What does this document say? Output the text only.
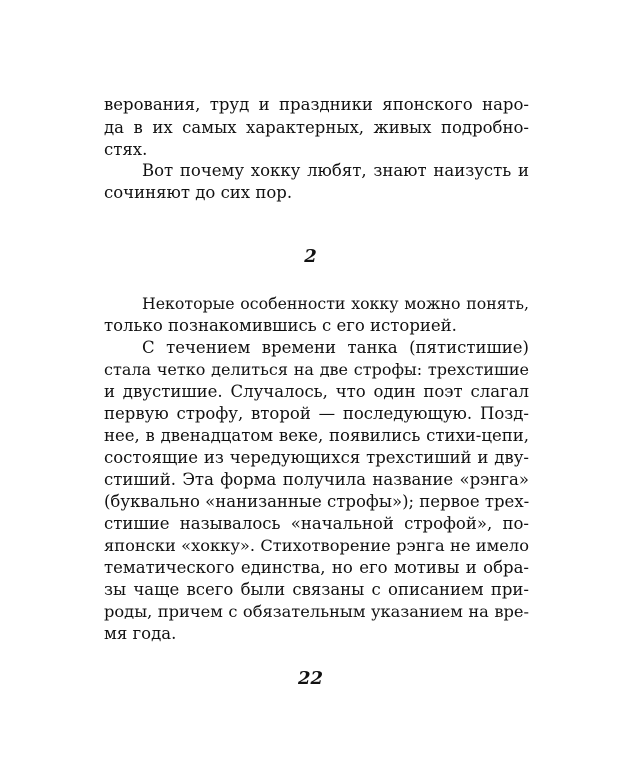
верования, труд и праздники японского наро-
да в их самых характерных, живых подробно-
стях.
Вот почему хокку любят, знают наизусть и
сочиняют до сих пор.
2
Некоторые особенности хокку можно понять,
только познакомившись с его историей.
С течением времени танка (пятистишие)
стала четко делиться на две строфы: трехстишие
и двустишие. Случалось, что один поэт слагал
первую строфу, второй — последующую. Позд-
нее, в двенадцатом веке, появились стихи-цепи,
состоящие из чередующихся трехстиший и дву-
стиший. Эта форма получила название «рэнга»
(буквально «нанизанные строфы»); первое трех-
стишие называлось «начальной строфой», по-
японски «хокку». Стихотворение рэнга не имело
тематического единства, но его мотивы и обра-
зы чаще всего были связаны с описанием при-
роды, причем с обязательным указанием на вре-
мя года.
22
